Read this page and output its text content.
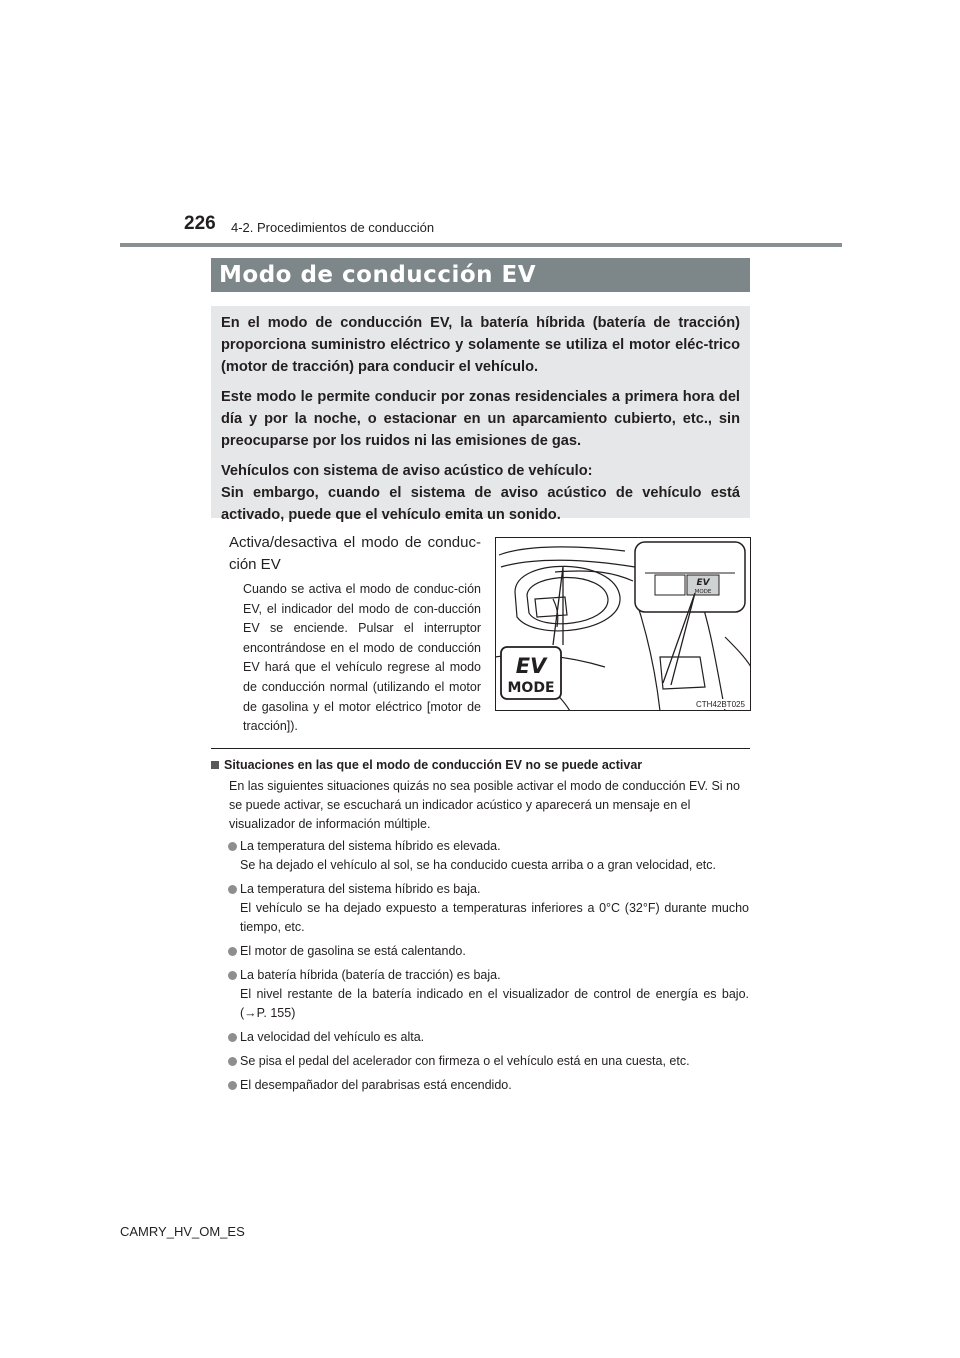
226 4-2. Procedimientos de conducción
Modo de conducción EV

En el modo de conducción EV, la batería híbrida (batería de tracción) proporciona suministro eléctrico y solamente se utiliza el motor eléc-trico (motor de tracción) para conducir el vehículo.

Este modo le permite conducir por zonas residenciales a primera hora del día y por la noche, o estacionar en un aparcamiento cubierto, etc., sin preocuparse por los ruidos ni las emisiones de gas.

Vehículos con sistema de aviso acústico de vehículo:

Sin embargo, cuando el sistema de aviso acústico de vehículo está activado, puede que el vehículo emita un sonido.

Activa/desactiva el modo de conduc-ción EV
Cuando se activa el modo de conduc-ción EV, el indicador del modo de con-ducción EV se enciende. Pulsar el interruptor encontrándose en el modo de conducción EV hará que el vehículo regrese al modo de conducción normal (utilizando el motor de gasolina y el motor eléctrico [motor de tracción]).
EV
MODE
EV
MODE
CTH42BT025
Situaciones en las que el modo de conducción EV no se puede activar
En las siguientes situaciones quizás no sea posible activar el modo de conducción EV. Si no se puede activar, se escuchará un indicador acústico y aparecerá un mensaje en el visualizador de información múltiple.
La temperatura del sistema híbrido es elevada.
Se ha dejado el vehículo al sol, se ha conducido cuesta arriba o a gran velocidad, etc.
La temperatura del sistema híbrido es baja.
El vehículo se ha dejado expuesto a temperaturas inferiores a 0°C (32°F) durante mucho tiempo, etc.
El motor de gasolina se está calentando.
La batería híbrida (batería de tracción) es baja.
El nivel restante de la batería indicado en el visualizador de control de energía es bajo. (→P. 155)
La velocidad del vehículo es alta.
Se pisa el pedal del acelerador con firmeza o el vehículo está en una cuesta, etc.
El desempañador del parabrisas está encendido.
CAMRY_HV_OM_ES
